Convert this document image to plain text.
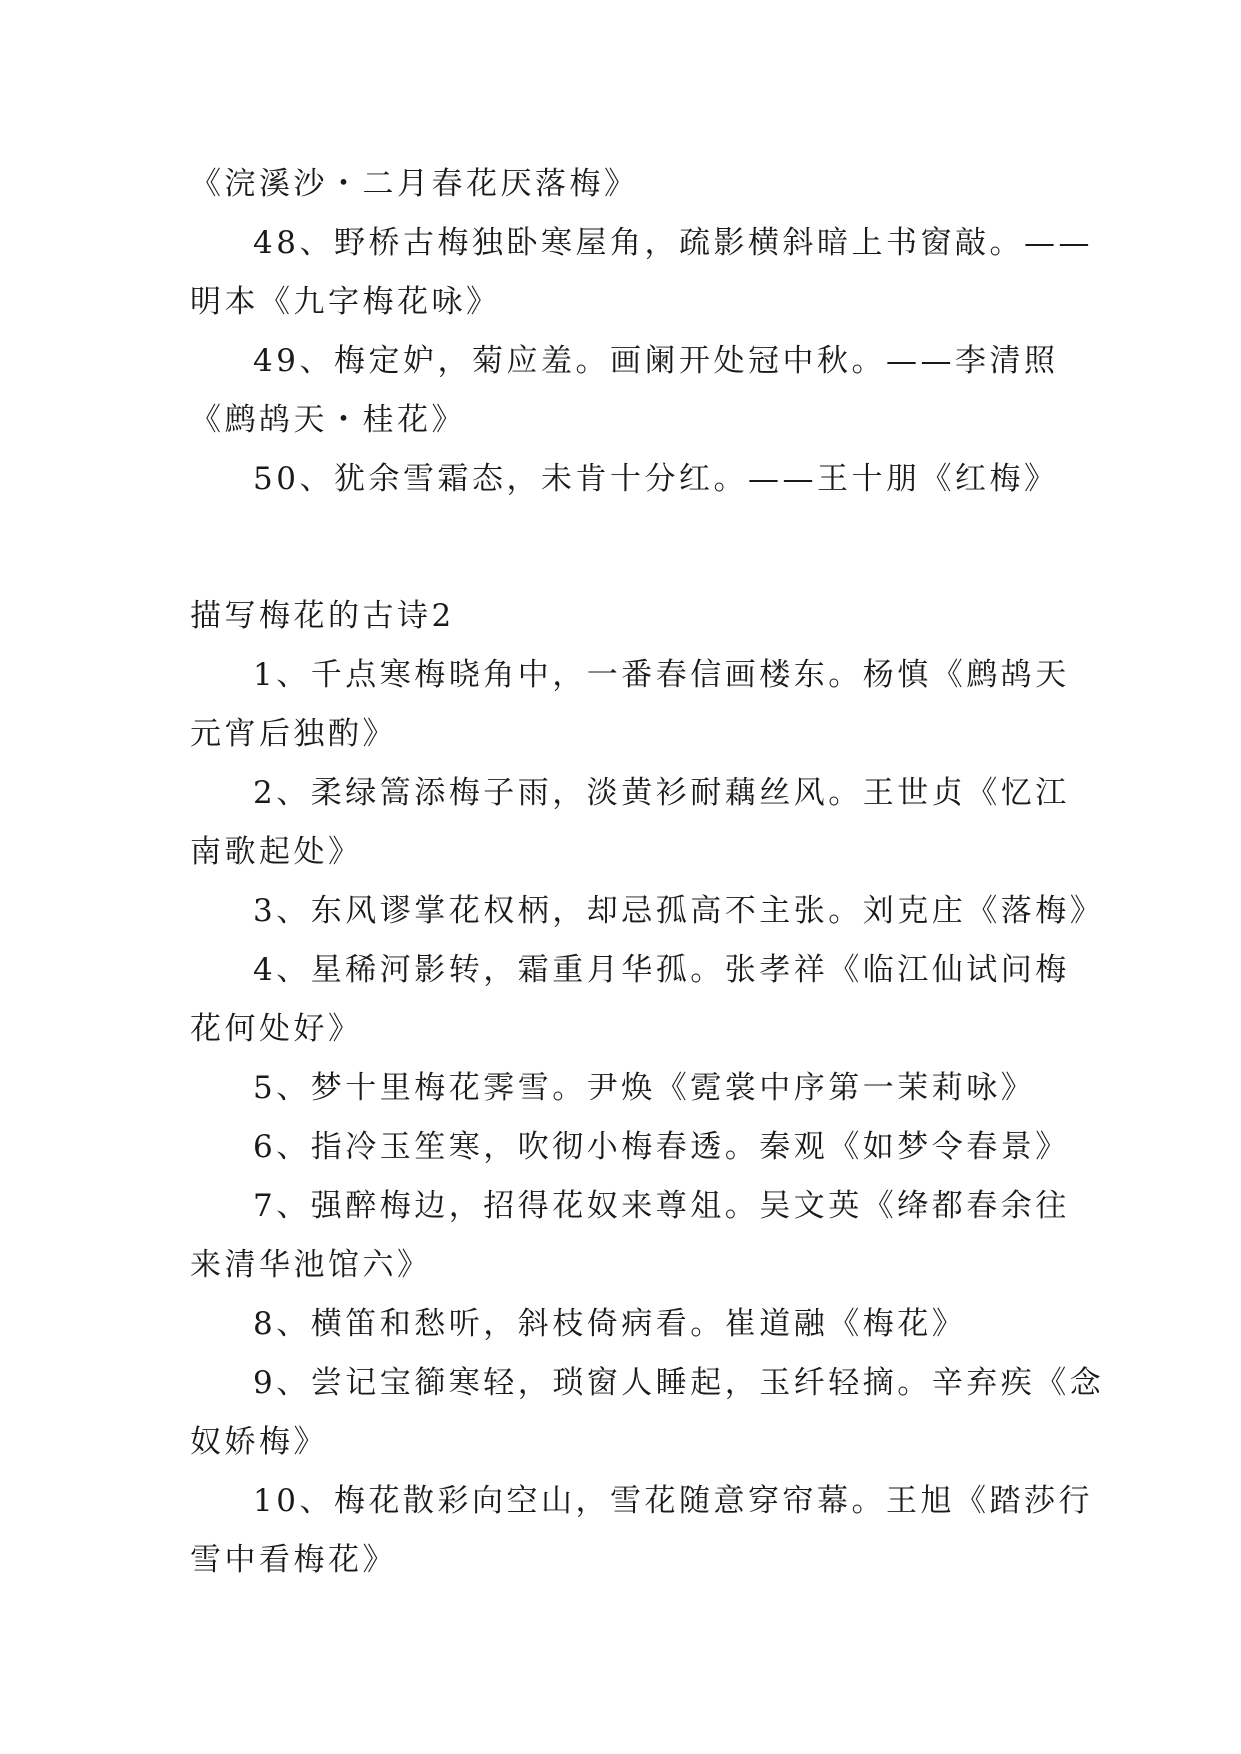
《浣溪沙・二月春花厌落梅》

48、野桥古梅独卧寒屋角，疏影横斜暗上书窗敲。——

明本《九字梅花咏》

49、梅定妒，菊应羞。画阑开处冠中秋。——李清照

《鹧鸪天・桂花》

50、犹余雪霜态，未肯十分红。——王十朋《红梅》

描写梅花的古诗2

1、千点寒梅晓角中，一番春信画楼东。杨慎《鹧鸪天

元宵后独酌》

2、柔绿篙添梅子雨，淡黄衫耐藕丝风。王世贞《忆江

南歌起处》

3、东风谬掌花权柄，却忌孤高不主张。刘克庄《落梅》

4、星稀河影转，霜重月华孤。张孝祥《临江仙试问梅

花何处好》

5、梦十里梅花霁雪。尹焕《霓裳中序第一茉莉咏》

6、指冷玉笙寒，吹彻小梅春透。秦观《如梦令春景》

7、强醉梅边，招得花奴来尊俎。吴文英《绛都春余往

来清华池馆六》

8、横笛和愁听，斜枝倚病看。崔道融《梅花》

9、尝记宝篽寒轻，琐窗人睡起，玉纤轻摘。辛弃疾《念

奴娇梅》

10、梅花散彩向空山，雪花随意穿帘幕。王旭《踏莎行

雪中看梅花》
